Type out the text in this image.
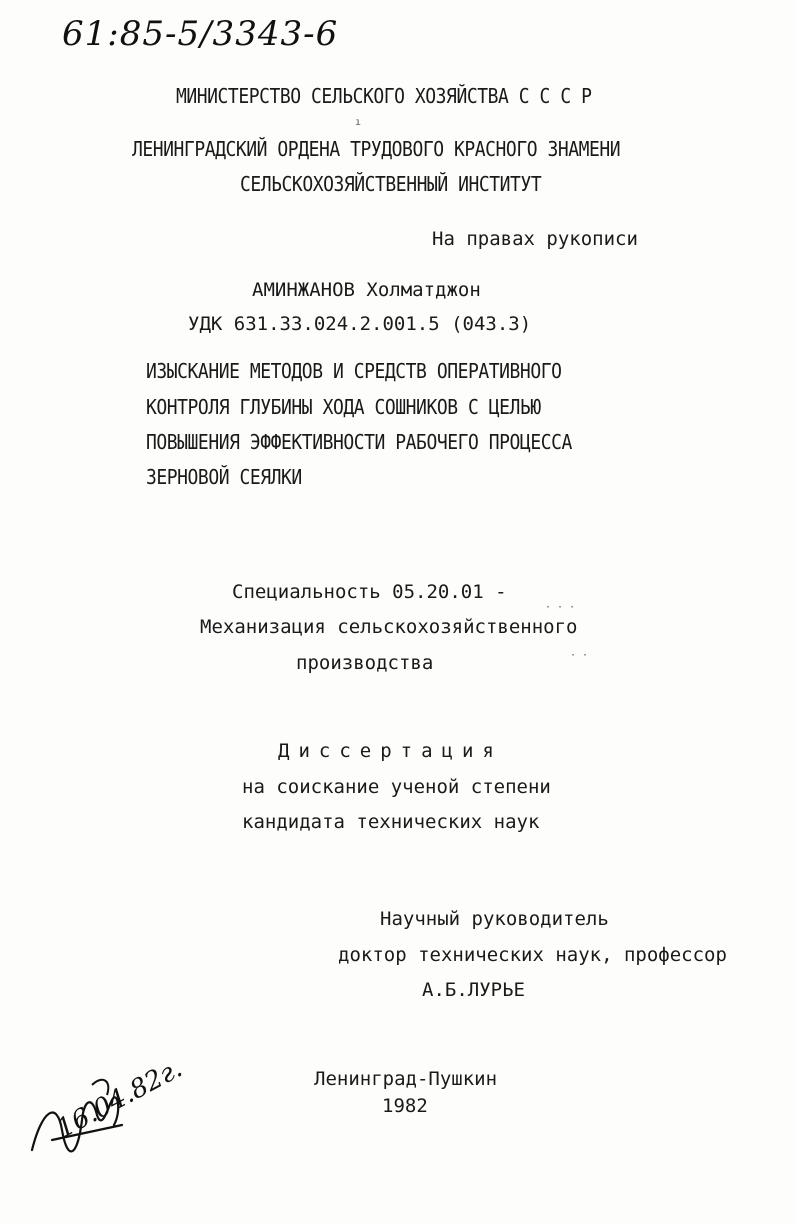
61:85-5/3343-6
МИНИСТЕРСТВО СЕЛЬСКОГО ХОЗЯЙСТВА С С С Р
ı
ЛЕНИНГРАДСКИЙ ОРДЕНА ТРУДОВОГО КРАСНОГО ЗНАМЕНИ
СЕЛЬСКОХОЗЯЙСТВЕННЫЙ ИНСТИТУТ
На правах рукописи
АМИНЖАНОВ Холматджон
УДК 631.33.024.2.001.5 (043.3)
ИЗЫСКАНИЕ МЕТОДОВ И СРЕДСТВ ОПЕРАТИВНОГО
КОНТРОЛЯ ГЛУБИНЫ ХОДА СОШНИКОВ С ЦЕЛЬЮ
ПОВЫШЕНИЯ ЭФФЕКТИВНОСТИ РАБОЧЕГО ПРОЦЕССА
ЗЕРНОВОЙ СЕЯЛКИ
Специальность 05.20.01 -
Механизация сельскохозяйственного
производства
· · ·
· ·
Диссертация
на соискание ученой степени
кандидата технических наук
Научный руководитель
доктор технических наук, профессор
А.Б.ЛУРЬЕ
Ленинград-Пушкин
1982
16.04.82г.
